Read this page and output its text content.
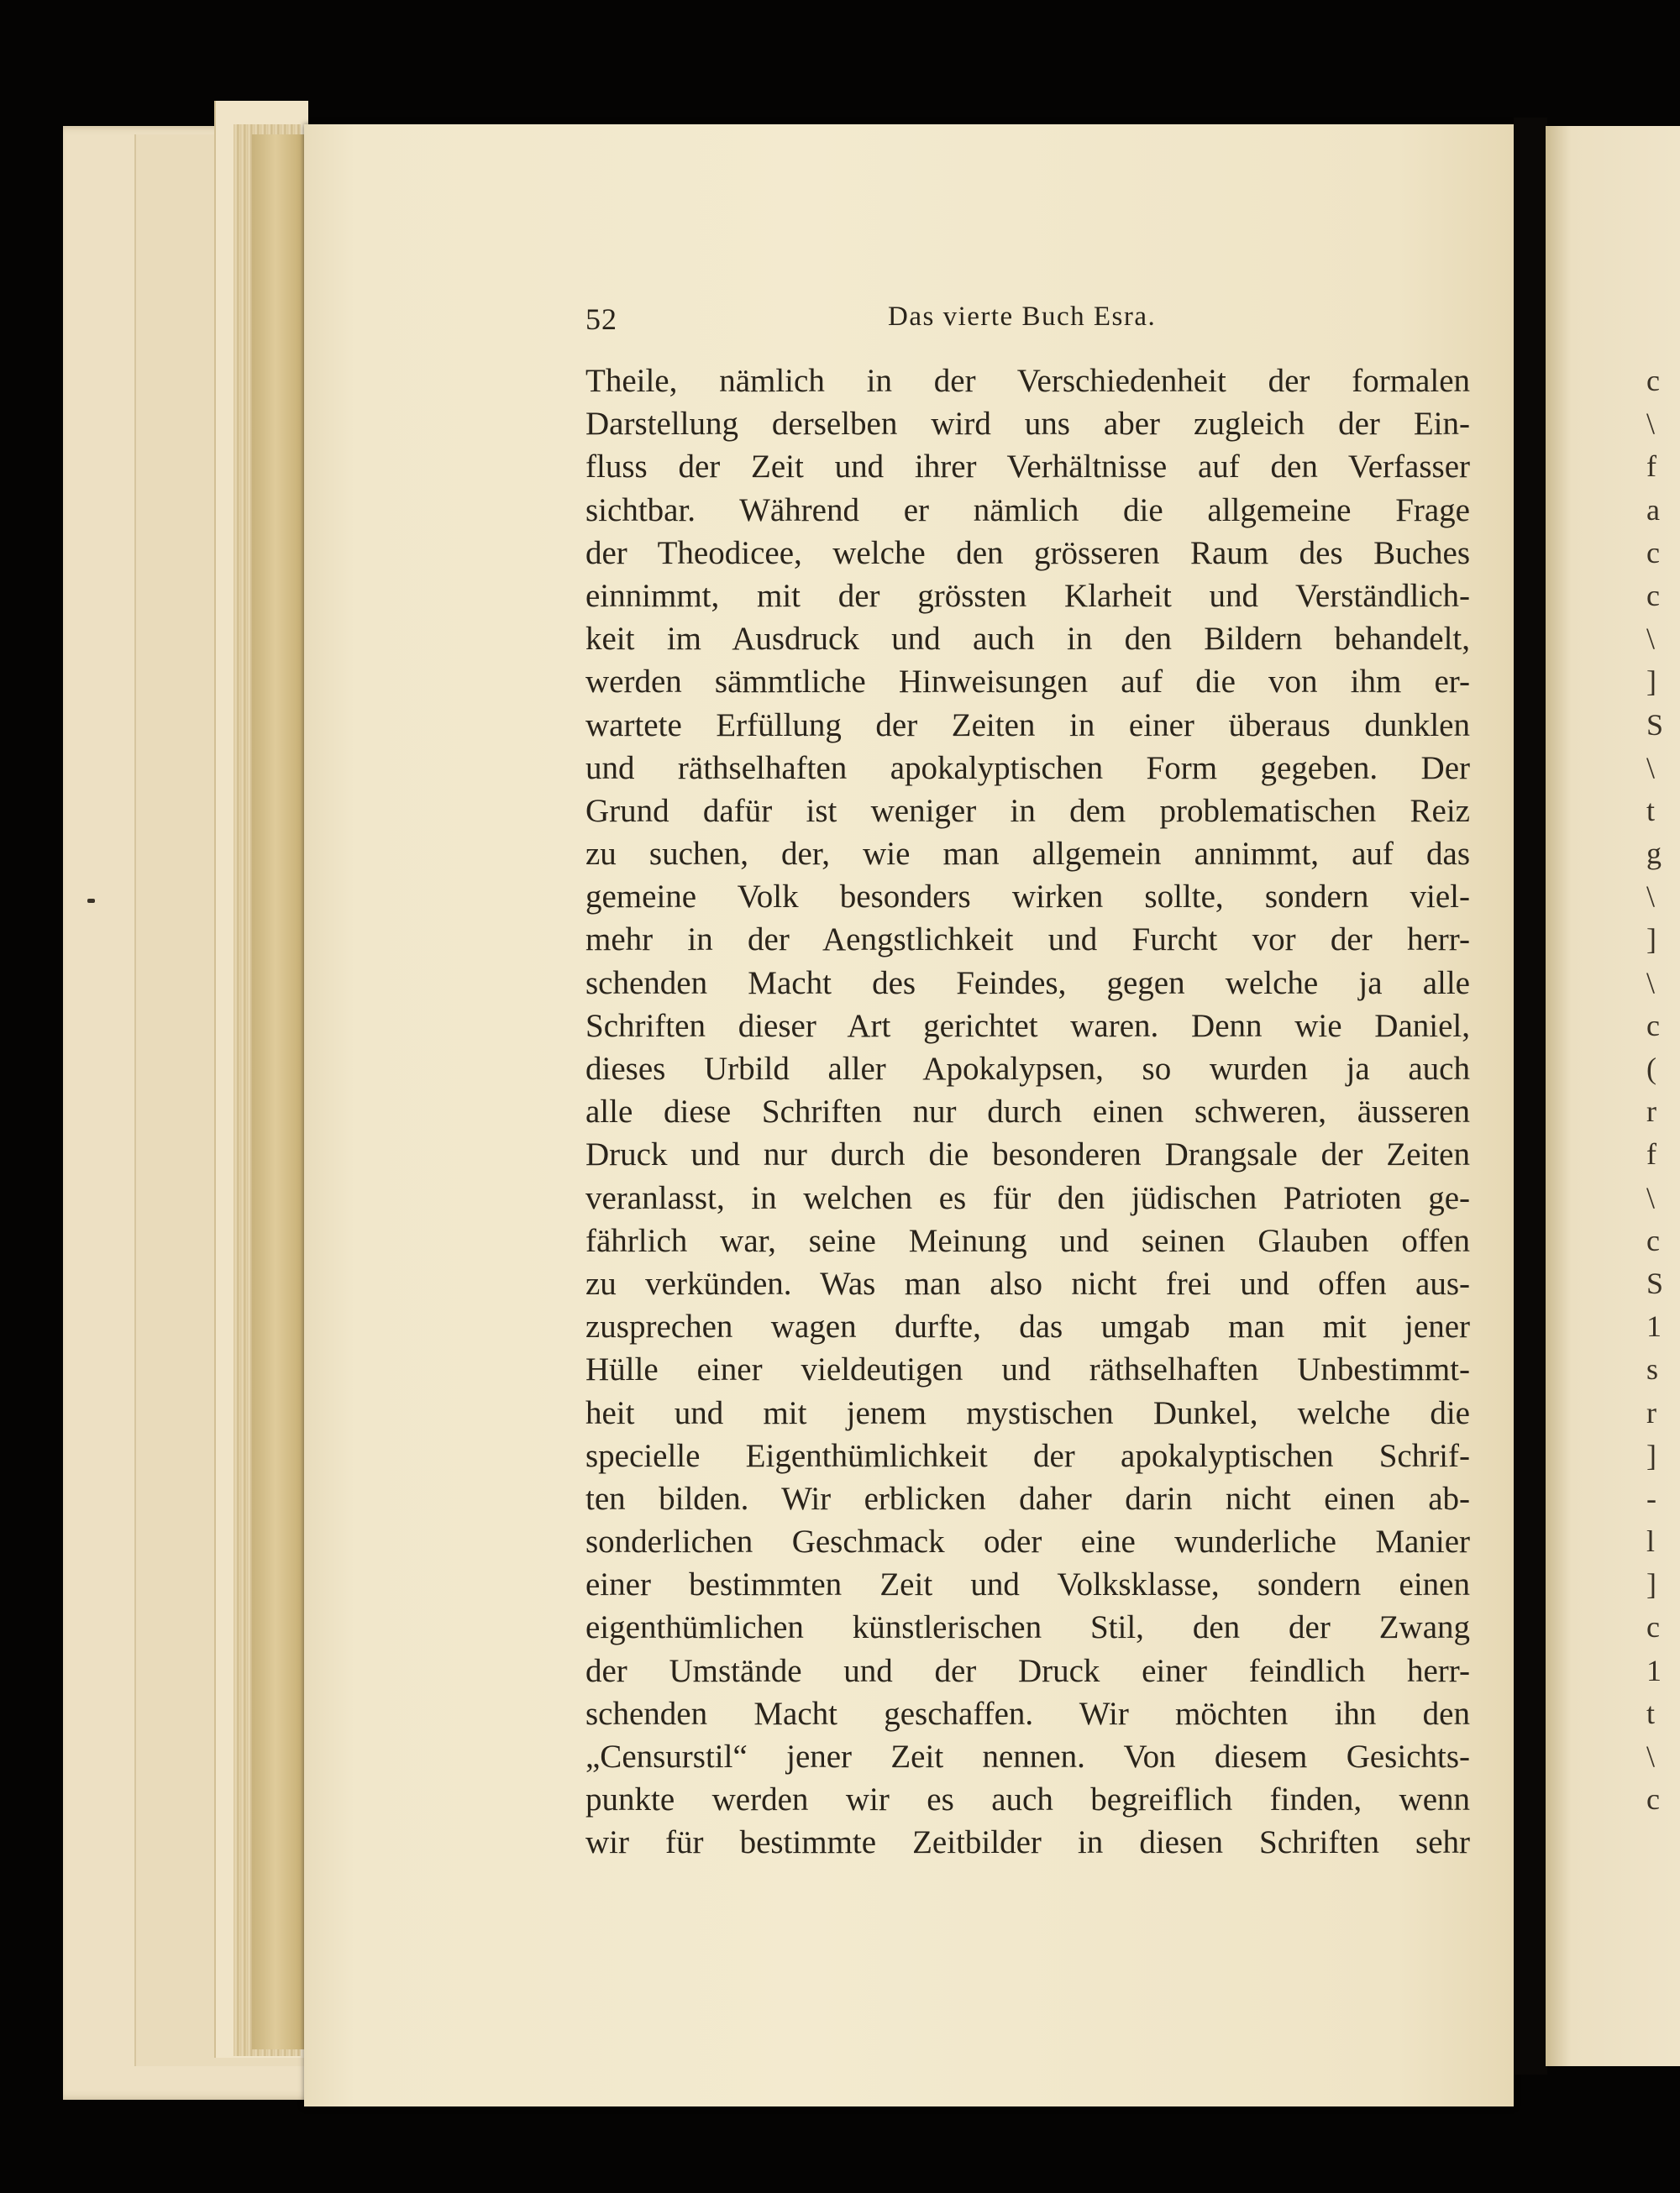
52	Das vierte Buch Esra.
Theile, nämlich in der Verschiedenheit der formalen
Darstellung derselben wird uns aber zugleich der Ein-
fluss der Zeit und ihrer Verhältnisse auf den Verfasser
sichtbar. Während er nämlich die allgemeine Frage
der Theodicee, welche den grösseren Raum des Buches
einnimmt, mit der grössten Klarheit und Verständlich-
keit im Ausdruck und auch in den Bildern behandelt,
werden sämmtliche Hinweisungen auf die von ihm er-
wartete Erfüllung der Zeiten in einer überaus dunklen
und räthselhaften apokalyptischen Form gegeben. Der
Grund dafür ist weniger in dem problematischen Reiz
zu suchen, der, wie man allgemein annimmt, auf das
gemeine Volk besonders wirken sollte, sondern viel-
mehr in der Aengstlichkeit und Furcht vor der herr-
schenden Macht des Feindes, gegen welche ja alle
Schriften dieser Art gerichtet waren. Denn wie Daniel,
dieses Urbild aller Apokalypsen, so wurden ja auch
alle diese Schriften nur durch einen schweren, äusseren
Druck und nur durch die besonderen Drangsale der Zeiten
veranlasst, in welchen es für den jüdischen Patrioten ge-
fährlich war, seine Meinung und seinen Glauben offen
zu verkünden. Was man also nicht frei und offen aus-
zusprechen wagen durfte, das umgab man mit jener
Hülle einer vieldeutigen und räthselhaften Unbestimmt-
heit und mit jenem mystischen Dunkel, welche die
specielle Eigenthümlichkeit der apokalyptischen Schrif-
ten bilden. Wir erblicken daher darin nicht einen ab-
sonderlichen Geschmack oder eine wunderliche Manier
einer bestimmten Zeit und Volksklasse, sondern einen
eigenthümlichen künstlerischen Stil, den der Zwang
der Umstände und der Druck einer feindlich herr-
schenden Macht geschaffen. Wir möchten ihn den
„Censurstil“ jener Zeit nennen. Von diesem Gesichts-
punkte werden wir es auch begreiflich finden, wenn
wir für bestimmte Zeitbilder in diesen Schriften sehr
c
\
f
a
c
c
\
]
S
\
t
g
\
]
\
c
(
r
f
\
c
S
1
s
r
]
-
l
]
c
1
t
\
c
